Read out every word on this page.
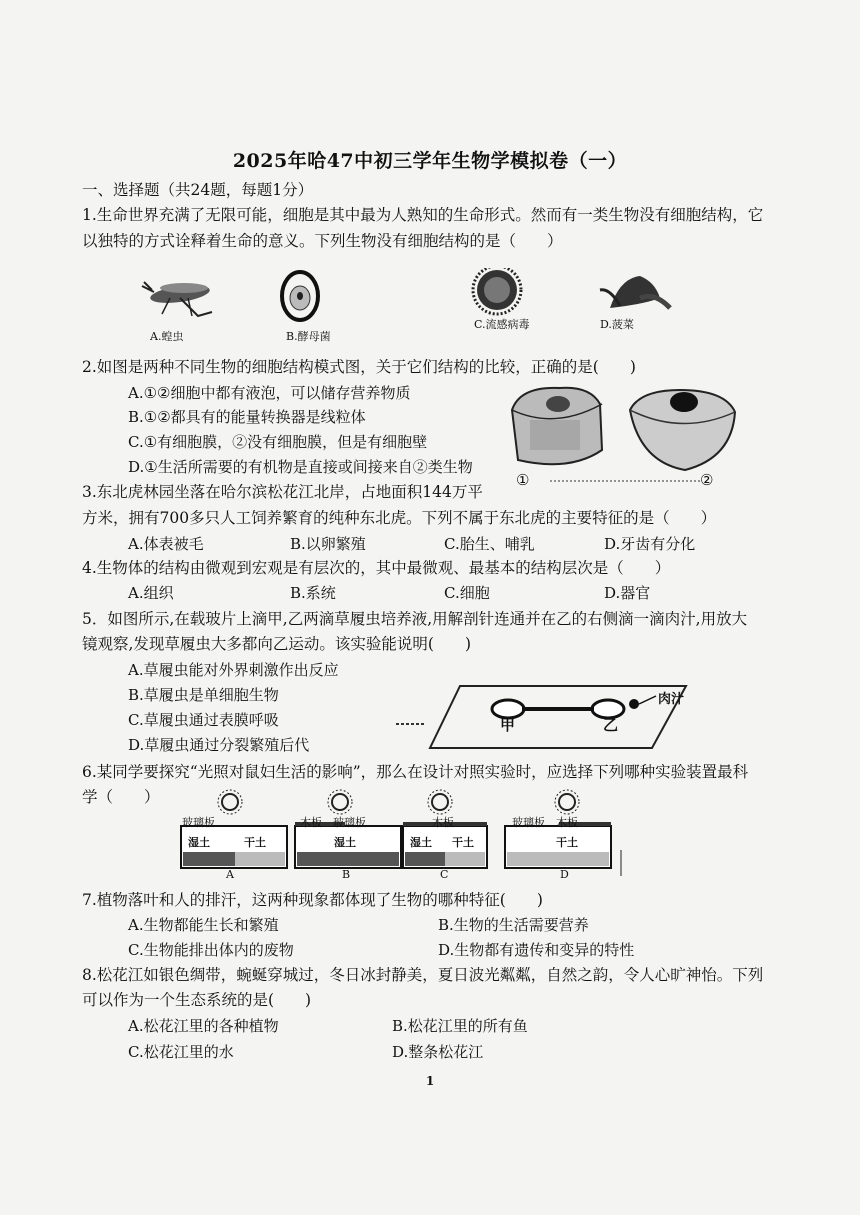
2025年哈47中初三学年生物学模拟卷（一）
一、选择题（共24题，每题1分）
1.生命世界充满了无限可能，细胞是其中最为人熟知的生命形式。然而有一类生物没有细胞结构，它
以独特的方式诠释着生命的意义。下列生物没有细胞结构的是（　　）
A.蝗虫	B.酵母菌
C.流感病毒	D.菠菜
2.如图是两种不同生物的细胞结构模式图，关于它们结构的比较，正确的是(　　)
A.①②细胞中都有液泡，可以储存营养物质
B.①②都具有的能量转换器是线粒体
C.①有细胞膜，②没有细胞膜，但是有细胞壁
D.①生活所需要的有机物是直接或间接来自②类生物
①	②
3.东北虎林园坐落在哈尔滨松花江北岸，占地面积144万平
方米，拥有700多只人工饲养繁育的纯种东北虎。下列不属于东北虎的主要特征的是（　　）
A.体表被毛	B.以卵繁殖	C.胎生、哺乳	D.牙齿有分化
4.生物体的结构由微观到宏观是有层次的，其中最微观、最基本的结构层次是（　　）
A.组织	B.系统	C.细胞	D.器官
5．如图所示,在载玻片上滴甲,乙两滴草履虫培养液,用解剖针连通并在乙的右侧滴一滴肉汁,用放大
镜观察,发现草履虫大多都向乙运动。该实验能说明(　　)
A.草履虫能对外界刺激作出反应
B.草履虫是单细胞生物
C.草履虫通过表膜呼吸
D.草履虫通过分裂繁殖后代
甲	乙
肉汁
6.某同学要探究“光照对鼠妇生活的影响”，那么在设计对照实验时，应选择下列哪种实验装置最科
学（　　）
玻璃板
湿土	干土
A
木板　玻璃板
湿土
B
木板
湿土 干土
C
玻璃板　木板
干土
D
7.植物落叶和人的排汗，这两种现象都体现了生物的哪种特征(　　)
A.生物都能生长和繁殖	B.生物的生活需要营养
C.生物能排出体内的废物	D.生物都有遗传和变异的特性
8.松花江如银色绸带，蜿蜒穿城过，冬日冰封静美，夏日波光粼粼，自然之韵，令人心旷神怡。下列
可以作为一个生态系统的是(　　)
A.松花江里的各种植物	B.松花江里的所有鱼
C.松花江里的水	D.整条松花江
1
